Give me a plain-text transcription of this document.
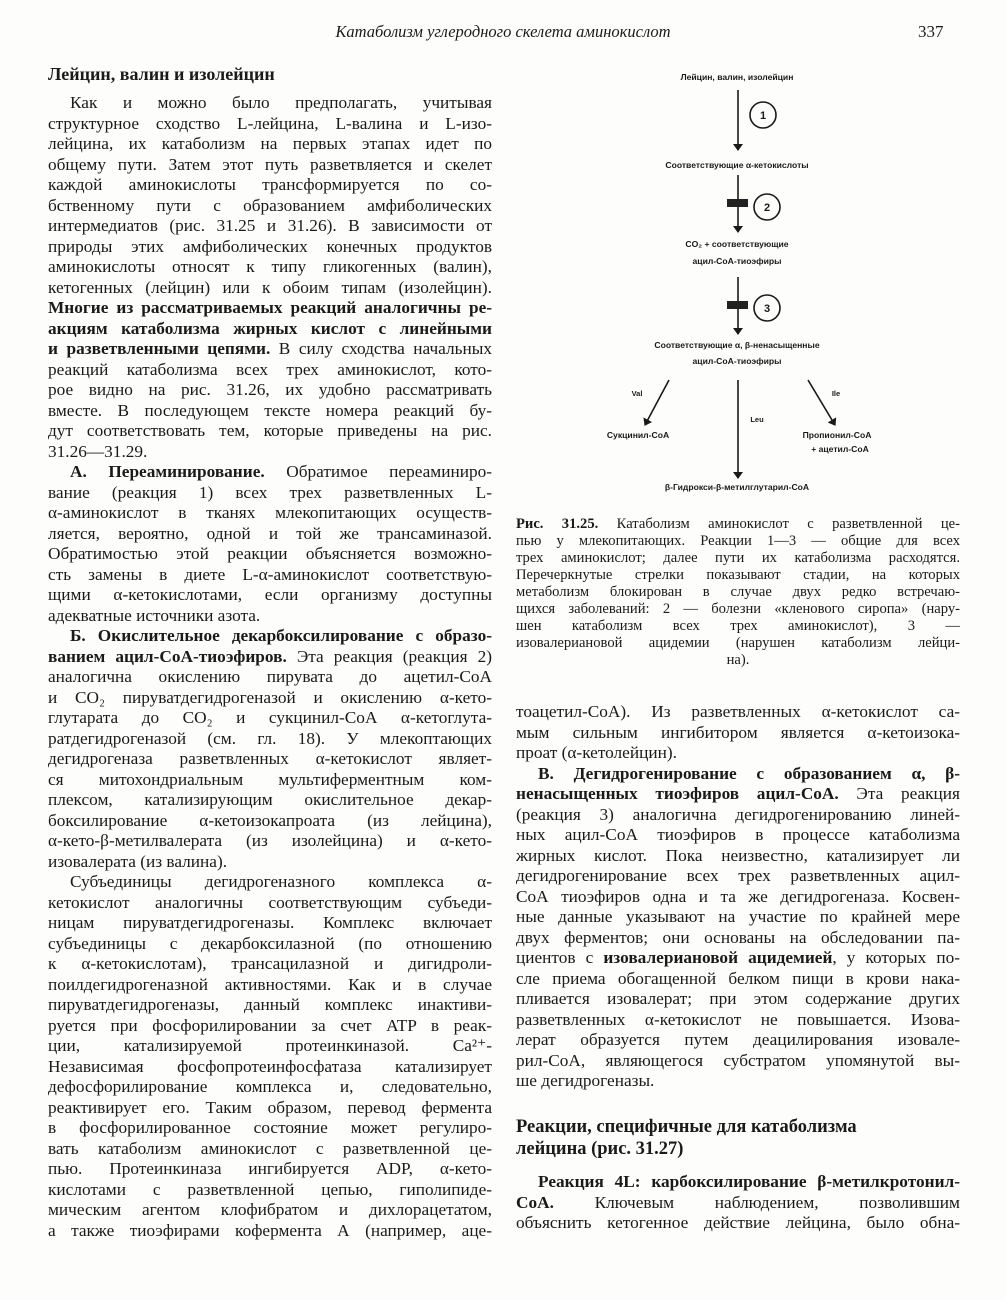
Катаболизм углеродного скелета аминокислот	337
Лейцин, валин и изолейцин
Как и можно было предполагать, учитывая
структурное сходство L-лейцина, L-валина и L-изо-
лейцина, их катаболизм на первых этапах идет по
общему пути. Затем этот путь разветвляется и скелет
каждой аминокислоты трансформируется по со-
бственному пути с образованием амфиболических
интермедиатов (рис. 31.25 и 31.26). В зависимости от
природы этих амфиболических конечных продуктов
аминокислоты относят к типу гликогенных (валин),
кетогенных (лейцин) или к обоим типам (изолейцин).
Многие из рассматриваемых реакций аналогичны ре-
акциям катаболизма жирных кислот с линейными
и разветвленными цепями. В силу сходства начальных
реакций катаболизма всех трех аминокислот, кото-
рое видно на рис. 31.26, их удобно рассматривать
вместе. В последующем тексте номера реакций бу-
дут соответствовать тем, которые приведены на рис.
31.26—31.29.
А. Переаминирование. Обратимое переаминиро-
вание (реакция 1) всех трех разветвленных L-
α-аминокислот в тканях млекопитающих осуществ-
ляется, вероятно, одной и той же трансаминазой.
Обратимостью этой реакции объясняется возможно-
сть замены в диете L-α-аминокислот соответствую-
щими α-кетокислотами, если организму доступны
адекватные источники азота.
Б. Окислительное декарбоксилирование с образо-
ванием ацил-СоА-тиоэфиров. Эта реакция (реакция 2)
аналогична окислению пирувата до ацетил-СоА
и CO₂ пируватдегидрогеназой и окислению α-кето-
глутарата до CO₂ и сукцинил-СоА α-кетоглута-
ратдегидрогеназой (см. гл. 18). У млекоптающих
дегидрогеназа разветвленных α-кетокислот являет-
ся митохондриальным мультиферментным ком-
плексом, катализирующим окислительное декар-
боксилирование α-кетоизокапроата (из лейцина),
α-кето-β-метилвалерата (из изолейцина) и α-кето-
изовалерата (из валина).
Субъединицы дегидрогеназного комплекса α-
кетокислот аналогичны соответствующим субъеди-
ницам пируватдегидрогеназы. Комплекс включает
субъединицы с декарбоксилазной (по отношению
к α-кетокислотам), трансацилазной и дигидроли-
поилдегидрогеназной активностями. Как и в случае
пируватдегидрогеназы, данный комплекс инактиви-
руется при фосфорилировании за счет ATP в реак-
ции, катализируемой протеинкиназой. Ca²⁺-
Независимая фосфопротеинфосфатаза катализирует
дефосфорилирование комплекса и, следовательно,
реактивирует его. Таким образом, перевод фермента
в фосфорилированное состояние может регулиро-
вать катаболизм аминокислот с разветвленной це-
пью. Протеинкиназа ингибируется ADP, α-кето-
кислотами с разветвленной цепью, гиполипиде-
мическим агентом клофибратом и дихлорацетатом,
а также тиоэфирами кофермента А (например, аце-
Лейцин, валин, изолейцин
1
Соответствующие α-кетокислоты
2
CO₂ + соответствующие
ацил-СоА-тиоэфиры
3
Соответствующие α, β-ненасыщенные
ацил-СоА-тиоэфиры
Val
Leu
Ile
Сукцинил-СоА	Пропионил-СоА
+ ацетил-СоА
β-Гидрокси-β-метилглутарил-СоА
Рис. 31.25. Катаболизм аминокислот с разветвленной це-
пью у млекопитающих. Реакции 1—3 — общие для всех
трех аминокислот; далее пути их катаболизма расходятся.
Перечеркнутые стрелки показывают стадии, на которых
метаболизм блокирован в случае двух редко встречаю-
щихся заболеваний: 2 — болезни «кленового сиропа» (нару-
шен катаболизм всех трех аминокислот), 3 —
изовалериановой ацидемии (нарушен катаболизм лейци-
на).
тоацетил-СоА). Из разветвленных α-кетокислот са-
мым сильным ингибитором является α-кетоизока-
проат (α-кетолейцин).
В. Дегидрогенирование с образованием α, β-
ненасыщенных тиоэфиров ацил-СоА. Эта реакция
(реакция 3) аналогична дегидрогенированию линей-
ных ацил-СоА тиоэфиров в процессе катаболизма
жирных кислот. Пока неизвестно, катализирует ли
дегидрогенирование всех трех разветвленных ацил-
СоА тиоэфиров одна и та же дегидрогеназа. Косвен-
ные данные указывают на участие по крайней мере
двух ферментов; они основаны на обследовании па-
циентов с изовалериановой ацидемией, у которых по-
сле приема обогащенной белком пищи в крови нака-
пливается изовалерат; при этом содержание других
разветвленных α-кетокислот не повышается. Изова-
лерат образуется путем деацилирования изовале-
рил-СоА, являющегося субстратом упомянутой вы-
ше дегидрогеназы.
Реакции, специфичные для катаболизма
лейцина (рис. 31.27)
Реакция 4L: карбоксилирование β-метилкротонил-
СоА. Ключевым наблюдением, позволившим
объяснить кетогенное действие лейцина, было обна-
